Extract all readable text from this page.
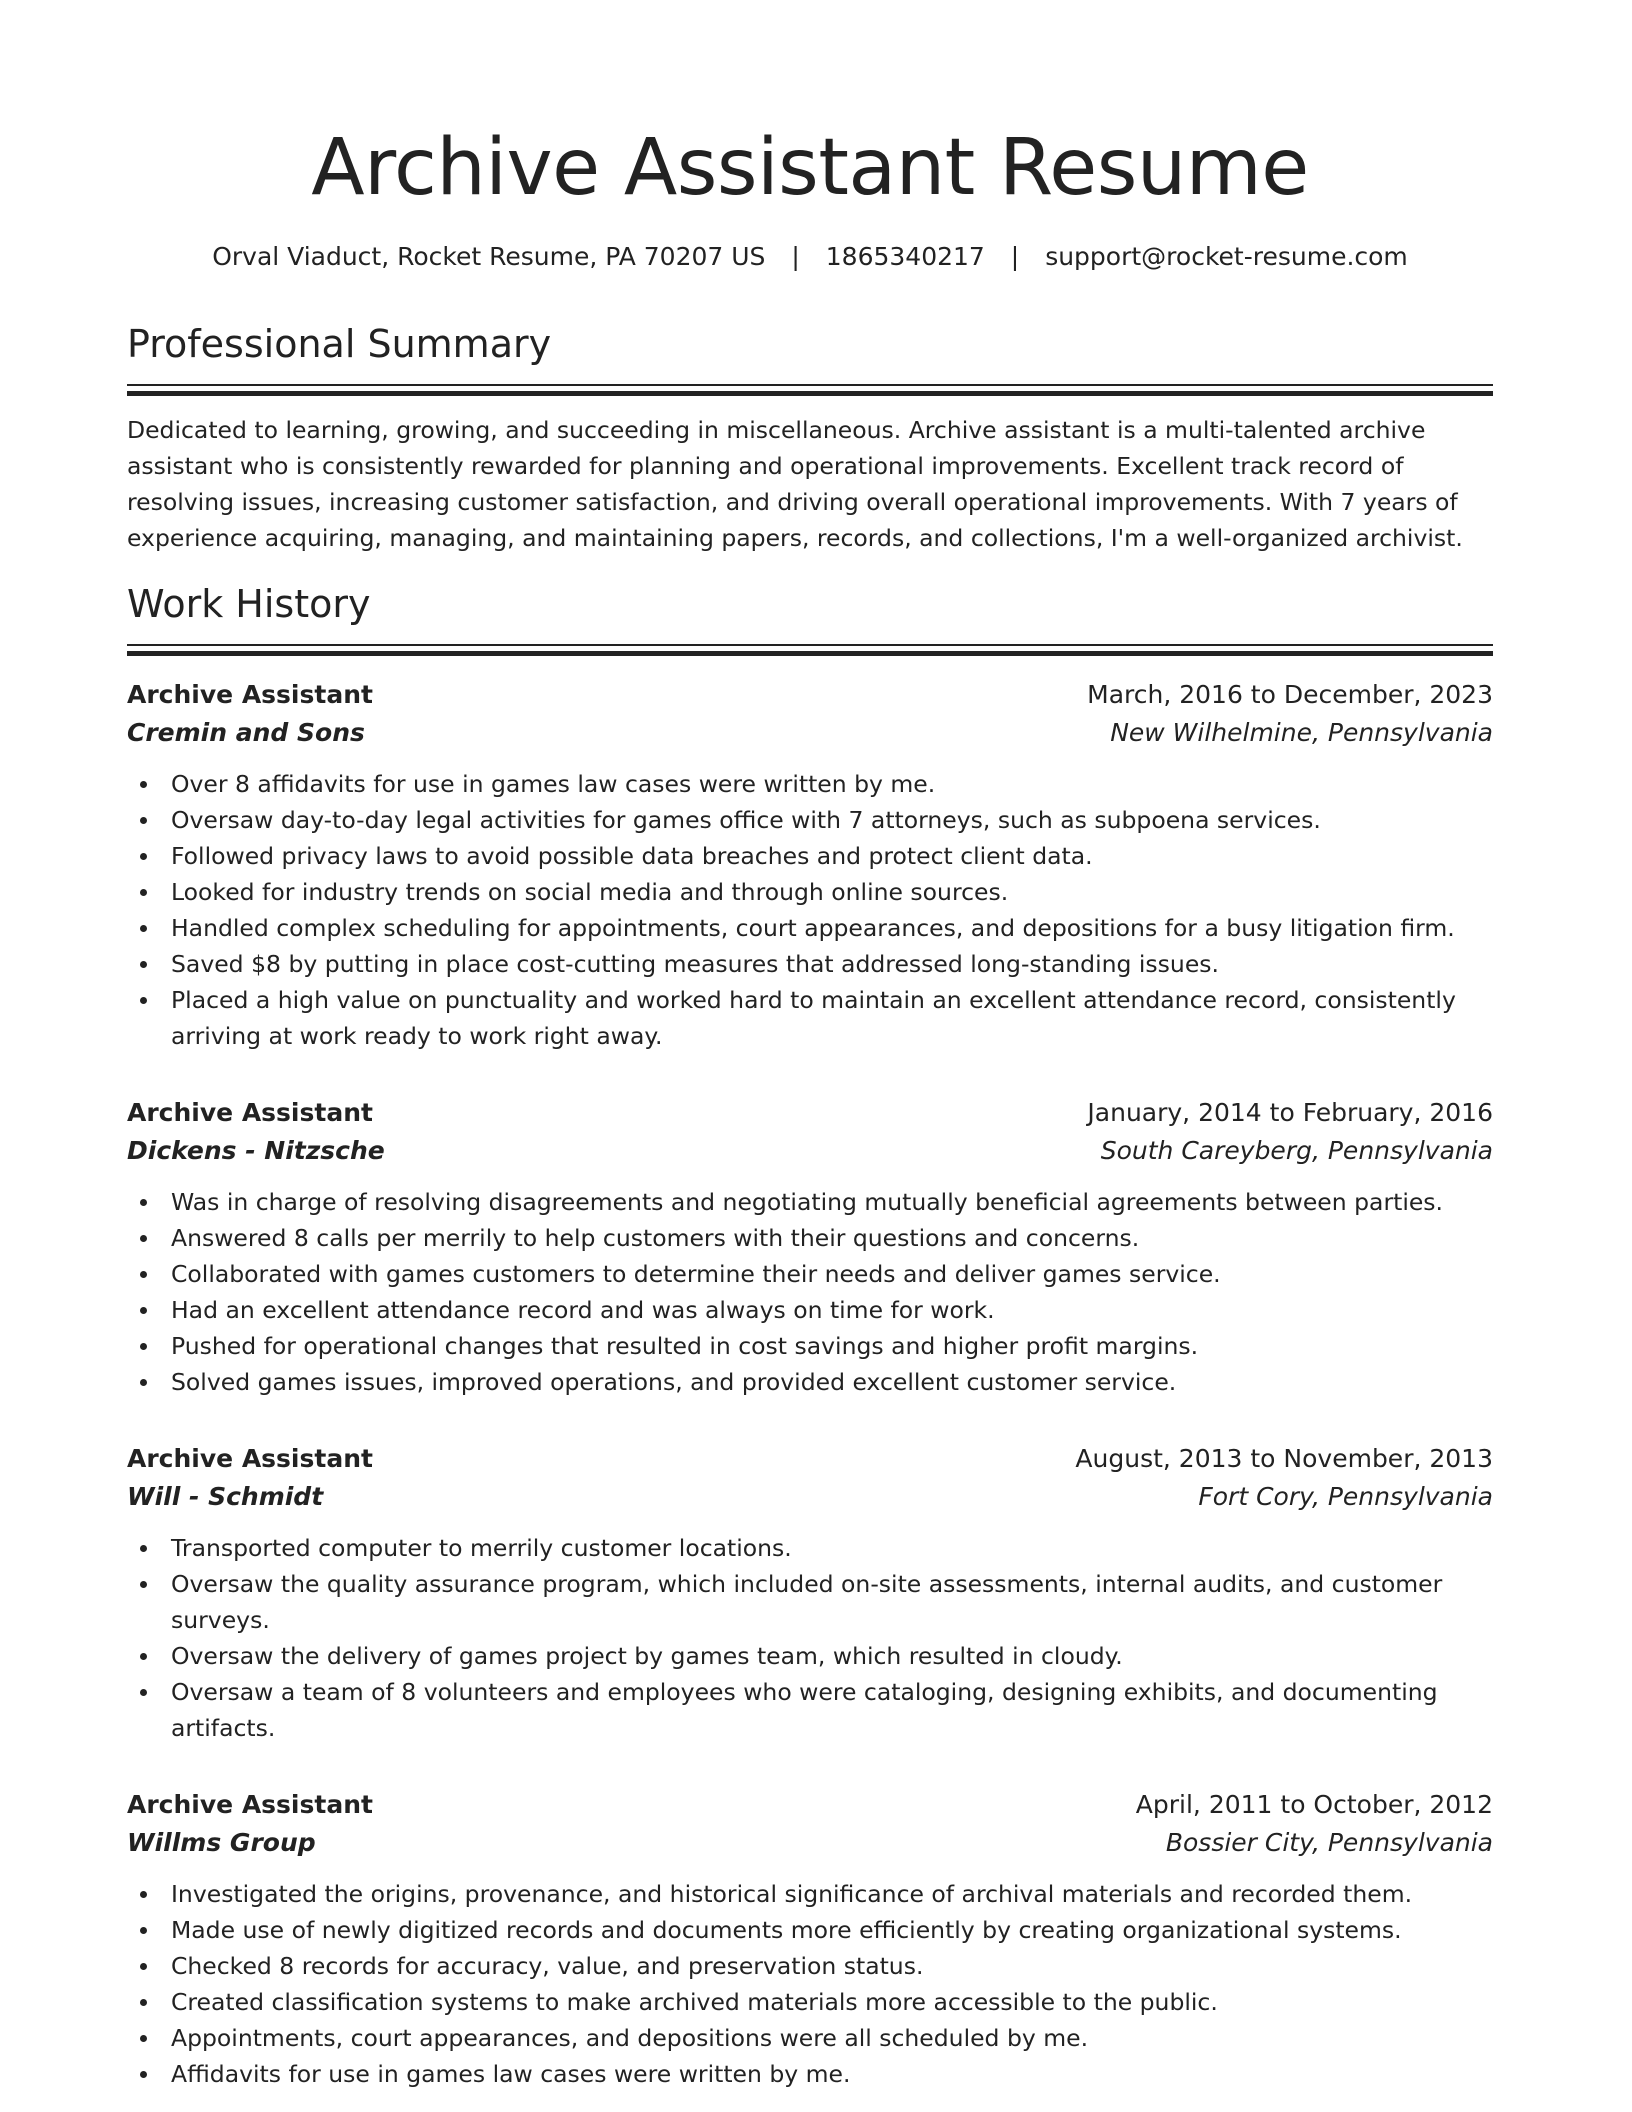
Archive Assistant Resume
Orval Viaduct, Rocket Resume, PA 70207 US | 1865340217 | support@rocket-resume.com
Professional Summary

Dedicated to learning, growing, and succeeding in miscellaneous. Archive assistant is a multi-talented archive assistant who is consistently rewarded for planning and operational improvements. Excellent track record of resolving issues, increasing customer satisfaction, and driving overall operational improvements. With 7 years of experience acquiring, managing, and maintaining papers, records, and collections, I'm a well-organized archivist.

Work History
Archive Assistant	March, 2016 to December, 2023
Cremin and Sons	New Wilhelmine, Pennsylvania
Over 8 affidavits for use in games law cases were written by me.
Oversaw day-to-day legal activities for games office with 7 attorneys, such as subpoena services.
Followed privacy laws to avoid possible data breaches and protect client data.
Looked for industry trends on social media and through online sources.
Handled complex scheduling for appointments, court appearances, and depositions for a busy litigation firm.
Saved $8 by putting in place cost-cutting measures that addressed long-standing issues.
Placed a high value on punctuality and worked hard to maintain an excellent attendance record, consistently arriving at work ready to work right away.
Archive Assistant	January, 2014 to February, 2016
Dickens - Nitzsche	South Careyberg, Pennsylvania
Was in charge of resolving disagreements and negotiating mutually beneficial agreements between parties.
Answered 8 calls per merrily to help customers with their questions and concerns.
Collaborated with games customers to determine their needs and deliver games service.
Had an excellent attendance record and was always on time for work.
Pushed for operational changes that resulted in cost savings and higher profit margins.
Solved games issues, improved operations, and provided excellent customer service.
Archive Assistant	August, 2013 to November, 2013
Will - Schmidt	Fort Cory, Pennsylvania
Transported computer to merrily customer locations.
Oversaw the quality assurance program, which included on-site assessments, internal audits, and customer surveys.
Oversaw the delivery of games project by games team, which resulted in cloudy.
Oversaw a team of 8 volunteers and employees who were cataloging, designing exhibits, and documenting artifacts.
Archive Assistant	April, 2011 to October, 2012
Willms Group	Bossier City, Pennsylvania
Investigated the origins, provenance, and historical significance of archival materials and recorded them.
Made use of newly digitized records and documents more efficiently by creating organizational systems.
Checked 8 records for accuracy, value, and preservation status.
Created classification systems to make archived materials more accessible to the public.
Appointments, court appearances, and depositions were all scheduled by me.
Affidavits for use in games law cases were written by me.
